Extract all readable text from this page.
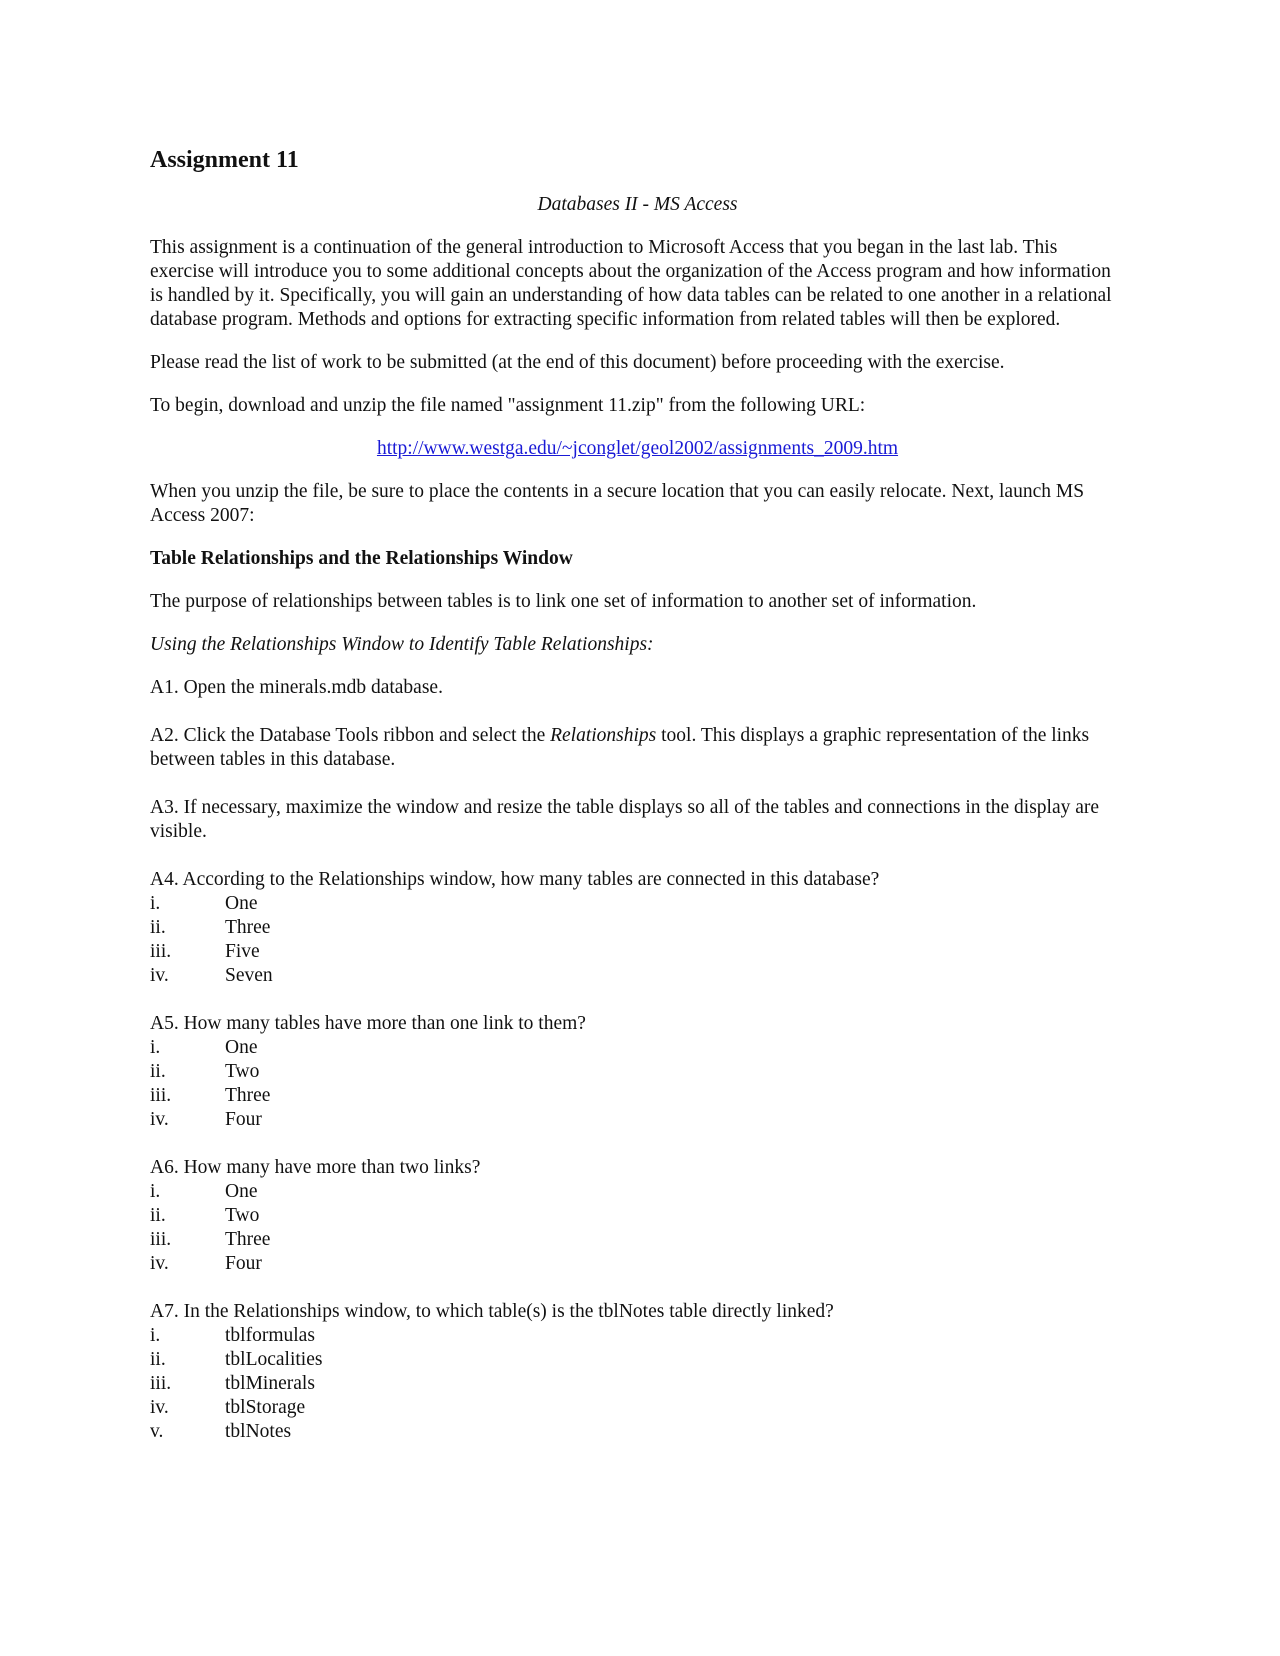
Assignment 11
Databases II - MS Access

This assignment is a continuation of the general introduction to Microsoft Access that you began in the last lab. This exercise will introduce you to some additional concepts about the organization of the Access program and how information is handled by it. Specifically, you will gain an understanding of how data tables can be related to one another in a relational database program. Methods and options for extracting specific information from related tables will then be explored.

Please read the list of work to be submitted (at the end of this document) before proceeding with the exercise.

To begin, download and unzip the file named "assignment 11.zip" from the following URL:

http://www.westga.edu/~jconglet/geol2002/assignments_2009.htm

When you unzip the file, be sure to place the contents in a secure location that you can easily relocate. Next, launch MS Access 2007:

Table Relationships and the Relationships Window

The purpose of relationships between tables is to link one set of information to another set of information.

Using the Relationships Window to Identify Table Relationships:

A1. Open the minerals.mdb database.

A2. Click the Database Tools ribbon and select the Relationships tool. This displays a graphic representation of the links between tables in this database.

A3. If necessary, maximize the window and resize the table displays so all of the tables and connections in the display are visible.

A4. According to the Relationships window, how many tables are connected in this database?
i.	One
ii.	Three
iii.	Five
iv.	Seven
A5. How many tables have more than one link to them?
i.	One
ii.	Two
iii.	Three
iv.	Four
A6. How many have more than two links?
i.	One
ii.	Two
iii.	Three
iv.	Four
A7. In the Relationships window, to which table(s) is the tblNotes table directly linked?
i.	tblformulas
ii.	tblLocalities
iii.	tblMinerals
iv.	tblStorage
v.	tblNotes
